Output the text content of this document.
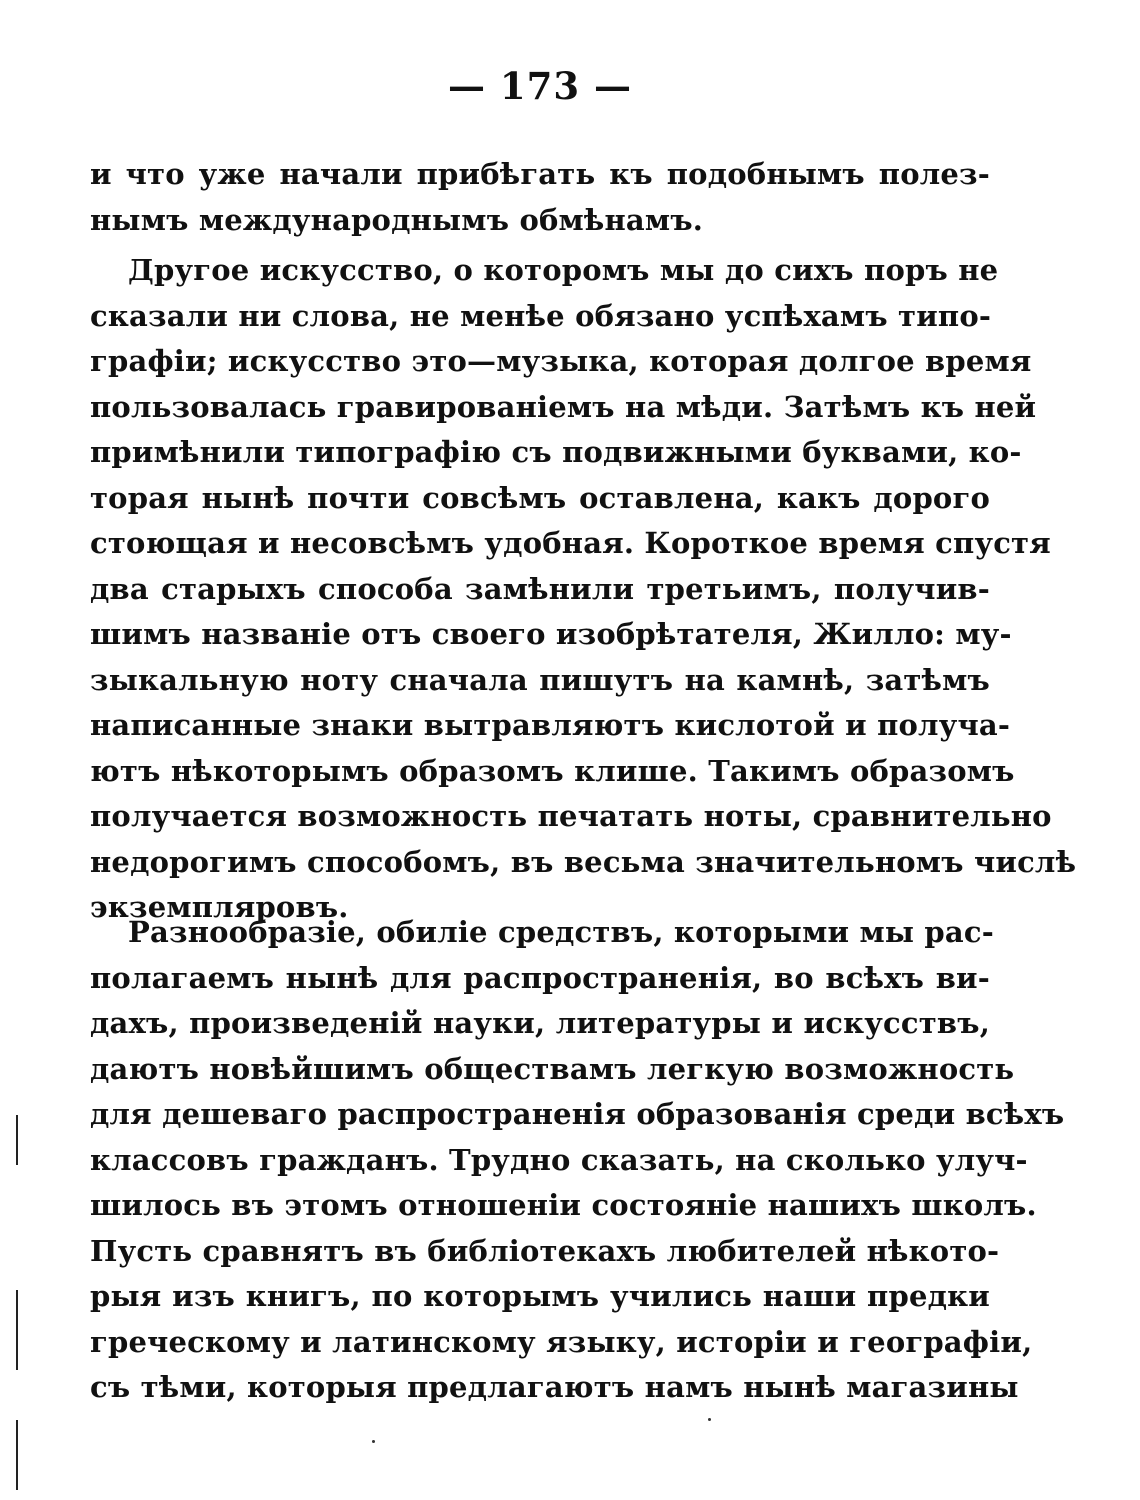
— 173 —
и что уже начали прибѣгать къ подобнымъ полез-
нымъ международнымъ обмѣнамъ.
Другое искусство, о которомъ мы до сихъ поръ не
сказали ни слова, не менѣе обязано успѣхамъ типо-
графіи; искусство это—музыка, которая долгое время
пользовалась гравированіемъ на мѣди. Затѣмъ къ ней
примѣнили типографію съ подвижными буквами, ко-
торая нынѣ почти совсѣмъ оставлена, какъ дорого
стоющая и несовсѣмъ удобная. Короткое время спустя
два старыхъ способа замѣнили третьимъ, получив-
шимъ названіе отъ своего изобрѣтателя, Жилло: му-
зыкальную ноту сначала пишутъ на камнѣ, затѣмъ
написанные знаки вытравляютъ кислотой и получа-
ютъ нѣкоторымъ образомъ клише. Такимъ образомъ
получается возможность печатать ноты, сравнительно
недорогимъ способомъ, въ весьма значительномъ числѣ
экземпляровъ.
Разнообразіе, обиліе средствъ, которыми мы рас-
полагаемъ нынѣ для распространенія, во всѣхъ ви-
дахъ, произведеній науки, литературы и искусствъ,
даютъ новѣйшимъ обществамъ легкую возможность
для дешеваго распространенія образованія среди всѣхъ
классовъ гражданъ. Трудно сказать, на сколько улуч-
шилось въ этомъ отношеніи состояніе нашихъ школъ.
Пусть сравнятъ въ библіотекахъ любителей нѣкото-
рыя изъ книгъ, по которымъ учились наши предки
греческому и латинскому языку, исторіи и географіи,
съ тѣми, которыя предлагаютъ намъ нынѣ магазины
